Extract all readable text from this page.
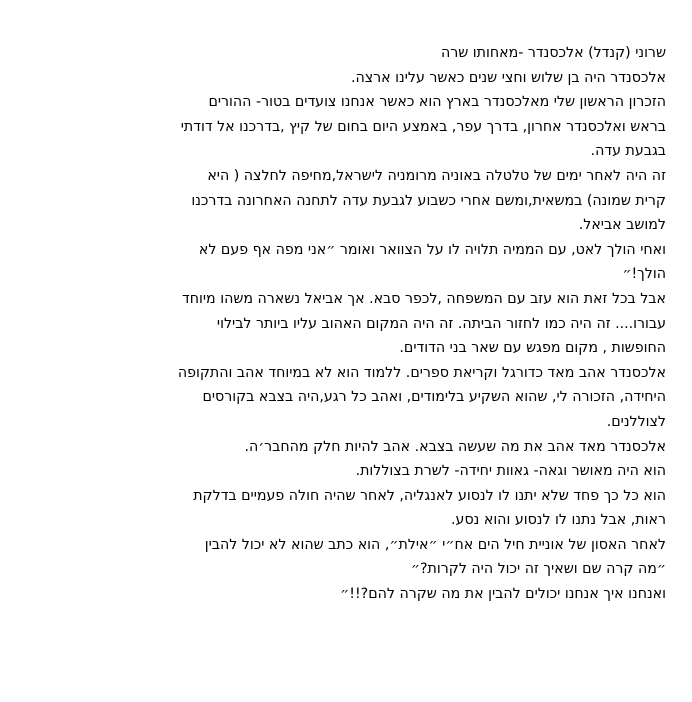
שרוני (קנדל) אלכסנדר -מאחותו שרה
אלכסנדר היה בן שלוש וחצי שנים כאשר עלינו ארצה.
הזכרון הראשון שלי מאלכסנדר בארץ הוא כאשר אנחנו צועדים בטור- ההורים
בראש ואלכסנדר אחרון, בדרך עפר, באמצע היום בחום של קיץ ,בדרכנו אל דודתי
בגבעת עדה.
זה היה לאחר ימים של טלטלה באוניה מרומניה לישראל,מחיפה לחלצה ( היא
קרית שמונה) במשאית,ומשם אחרי כשבוע לגבעת עדה לתחנה האחרונה בדרכנו
למושב אביאל.
ואחי הולך לאט, עם הממיה תלויה לו על הצוואר ואומר ״אני מפה אף פעם לא
הולך!״
אבל בכל זאת הוא עזב עם המשפחה ,לכפר סבא. אך אביאל נשארה משהו מיוחד
עבורו.... זה היה כמו לחזור הביתה. זה היה המקום האהוב עליו ביותר לבילוי
החופשות , מקום מפגש עם שאר בני הדודים.
אלכסנדר אהב מאד כדורגל וקריאת ספרים. ללמוד הוא לא במיוחד אהב והתקופה
היחידה, הזכורה לי, שהוא השקיע בלימודים, ואהב כל רגע,היה בצבא בקורסים
לצוללנים.
אלכסנדר מאד אהב את מה שעשה בצבא. אהב להיות חלק מהחבר׳ה.
הוא היה מאושר וגאה- גאוות יחידה- לשרת בצוללות.
הוא כל כך פחד שלא יתנו לו לנסוע לאנגליה, לאחר שהיה חולה פעמיים בדלקת
ראות, אבל נתנו לו לנסוע והוא נסע.
לאחר האסון של אוניית חיל הים אח״י ״אילת״, הוא כתב שהוא לא יכול להבין
״מה קרה שם ושאיך זה יכול היה לקרות?״
ואנחנו איך אנחנו יכולים להבין את מה שקרה להם?!!״
